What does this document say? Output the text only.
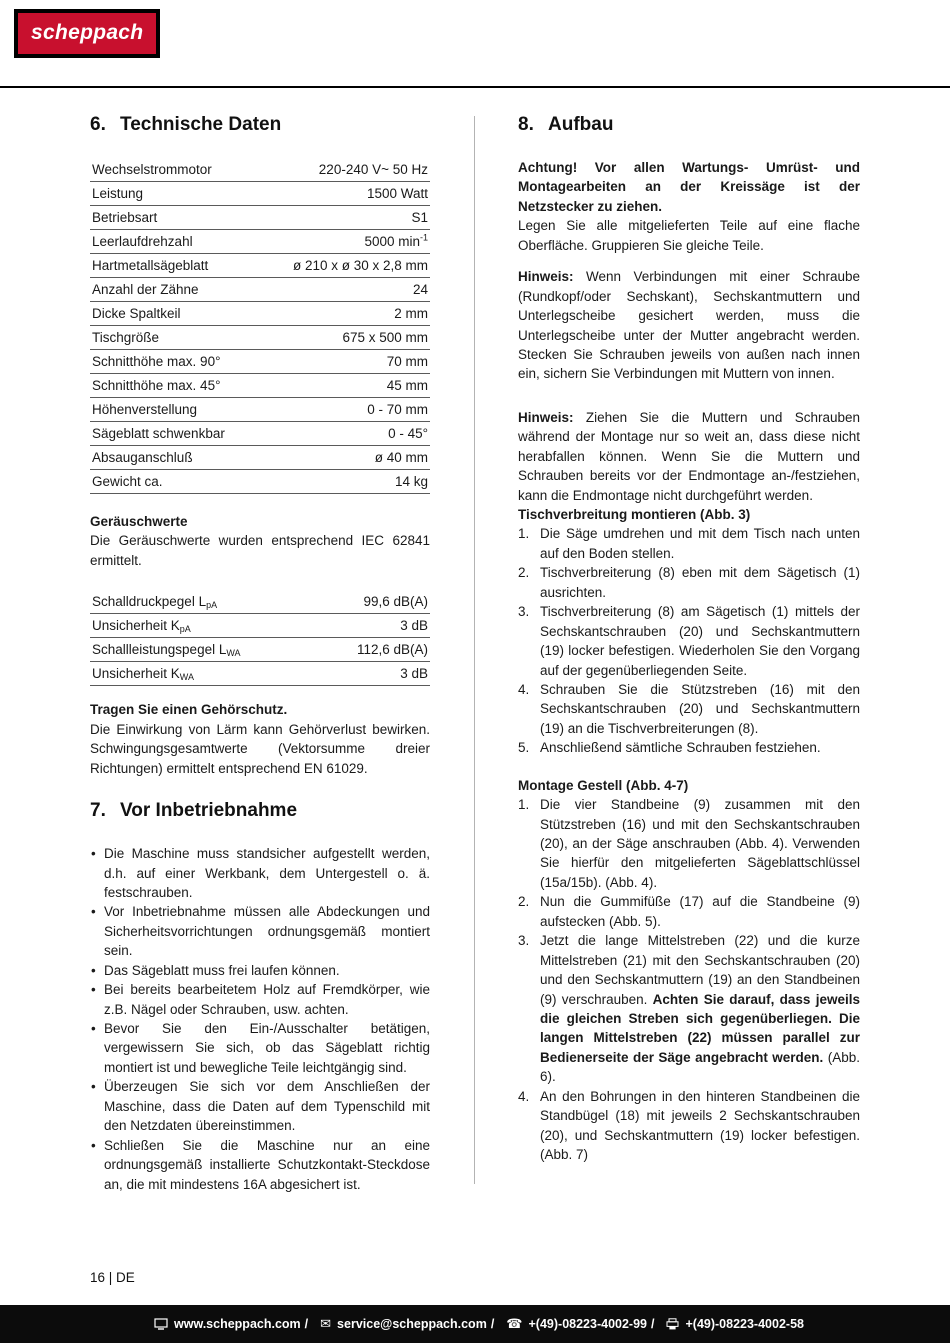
scheppach
6. Technische Daten
Wechselstrommotor	220-240 V~ 50 Hz
Leistung	1500 Watt
Betriebsart	S1
Leerlaufdrehzahl	5000 $\min^{-1}$
Hartmetallsägeblatt	ø 210 x ø 30 x 2,8 mm
Anzahl der Zähne	24
Dicke Spaltkeil	2 mm
Tischgröße	675 x 500 mm
Schnitthöhe max. 90°	70 mm
Schnitthöhe max. 45°	45 mm
Höhenverstellung	0 - 70 mm
Sägeblatt schwenkbar	0 - 45°
Absauganschluß	ø 40 mm
Gewicht ca.	14 kg
Geräuschwerte

Die Geräuschwerte wurden entsprechend IEC 62841 ermittelt.

Schalldruckpegel $L_{pA}$	99,6 dB(A)
Unsicherheit $K_{pA}$	3 dB
Schallleistungspegel $L_{WA}$	112,6 dB(A)
Unsicherheit $K_{WA}$	3 dB

Tragen Sie einen Gehörschutz.

Die Einwirkung von Lärm kann Gehörverlust bewirken. Schwingungsgesamtwerte (Vektorsumme dreier Richtungen) ermittelt entsprechend EN 61029.

7. Vor Inbetriebnahme
• Die Maschine muss standsicher aufgestellt werden, d.h. auf einer Werkbank, dem Untergestell o. ä. festschrauben.
• Vor Inbetriebnahme müssen alle Abdeckungen und Sicherheitsvorrichtungen ordnungsgemäß montiert sein.
• Das Sägeblatt muss frei laufen können.
• Bei bereits bearbeitetem Holz auf Fremdkörper, wie z.B. Nägel oder Schrauben, usw. achten.
• Bevor Sie den Ein-/Ausschalter betätigen, vergewissern Sie sich, ob das Sägeblatt richtig montiert ist und bewegliche Teile leichtgängig sind.
• Überzeugen Sie sich vor dem Anschließen der Maschine, dass die Daten auf dem Typenschild mit den Netzdaten übereinstimmen.
• Schließen Sie die Maschine nur an eine ordnungsgemäß installierte Schutzkontakt-Steckdose an, die mit mindestens 16A abgesichert ist.
8. Aufbau

Achtung! Vor allen Wartungs- Umrüst- und Montagearbeiten an der Kreissäge ist der Netzstecker zu ziehen.

Legen Sie alle mitgelieferten Teile auf eine flache Oberfläche. Gruppieren Sie gleiche Teile.

Hinweis: Wenn Verbindungen mit einer Schraube (Rundkopf/oder Sechskant), Sechskantmuttern und Unterlegscheibe gesichert werden, muss die Unterlegscheibe unter der Mutter angebracht werden. Stecken Sie Schrauben jeweils von außen nach innen ein, sichern Sie Verbindungen mit Muttern von innen.

Hinweis: Ziehen Sie die Muttern und Schrauben während der Montage nur so weit an, dass diese nicht herabfallen können. Wenn Sie die Muttern und Schrauben bereits vor der Endmontage an-/festziehen, kann die Endmontage nicht durchgeführt werden.

Tischverbreitung montieren (Abb. 3)

Die Säge umdrehen und mit dem Tisch nach unten auf den Boden stellen.
Tischverbreiterung (8) eben mit dem Sägetisch (1) ausrichten.
Tischverbreiterung (8) am Sägetisch (1) mittels der Sechskantschrauben (20) und Sechskantmuttern (19) locker befestigen. Wiederholen Sie den Vorgang auf der gegenüberliegenden Seite.
Schrauben Sie die Stützstreben (16) mit den Sechskantschrauben (20) und Sechskantmuttern (19) an die Tischverbreiterungen (8).
Anschließend sämtliche Schrauben festziehen.

Montage Gestell (Abb. 4-7)

Die vier Standbeine (9) zusammen mit den Stützstreben (16) und mit den Sechskantschrauben (20), an der Säge anschrauben (Abb. 4). Verwenden Sie hierfür den mitgelieferten Sägeblattschlüssel (15a/15b). (Abb. 4).
Nun die Gummifüße (17) auf die Standbeine (9) aufstecken (Abb. 5).
Jetzt die lange Mittelstreben (22) und die kurze Mittelstreben (21) mit den Sechskantschrauben (20) und den Sechskantmuttern (19) an den Standbeinen (9) verschrauben. Achten Sie darauf, dass jeweils die gleichen Streben sich gegenüberliegen. Die langen Mittelstreben (22) müssen parallel zur Bedienerseite der Säge angebracht werden. (Abb. 6).
An den Bohrungen in den hinteren Standbeinen die Standbügel (18) mit jeweils 2 Sechskantschrauben (20), und Sechskantmuttern (19) locker befestigen. (Abb. 7)
16 | DE
www.scheppach.com / ✉ service@scheppach.com / ☎ +(49)-08223-4002-99 / +(49)-08223-4002-58
